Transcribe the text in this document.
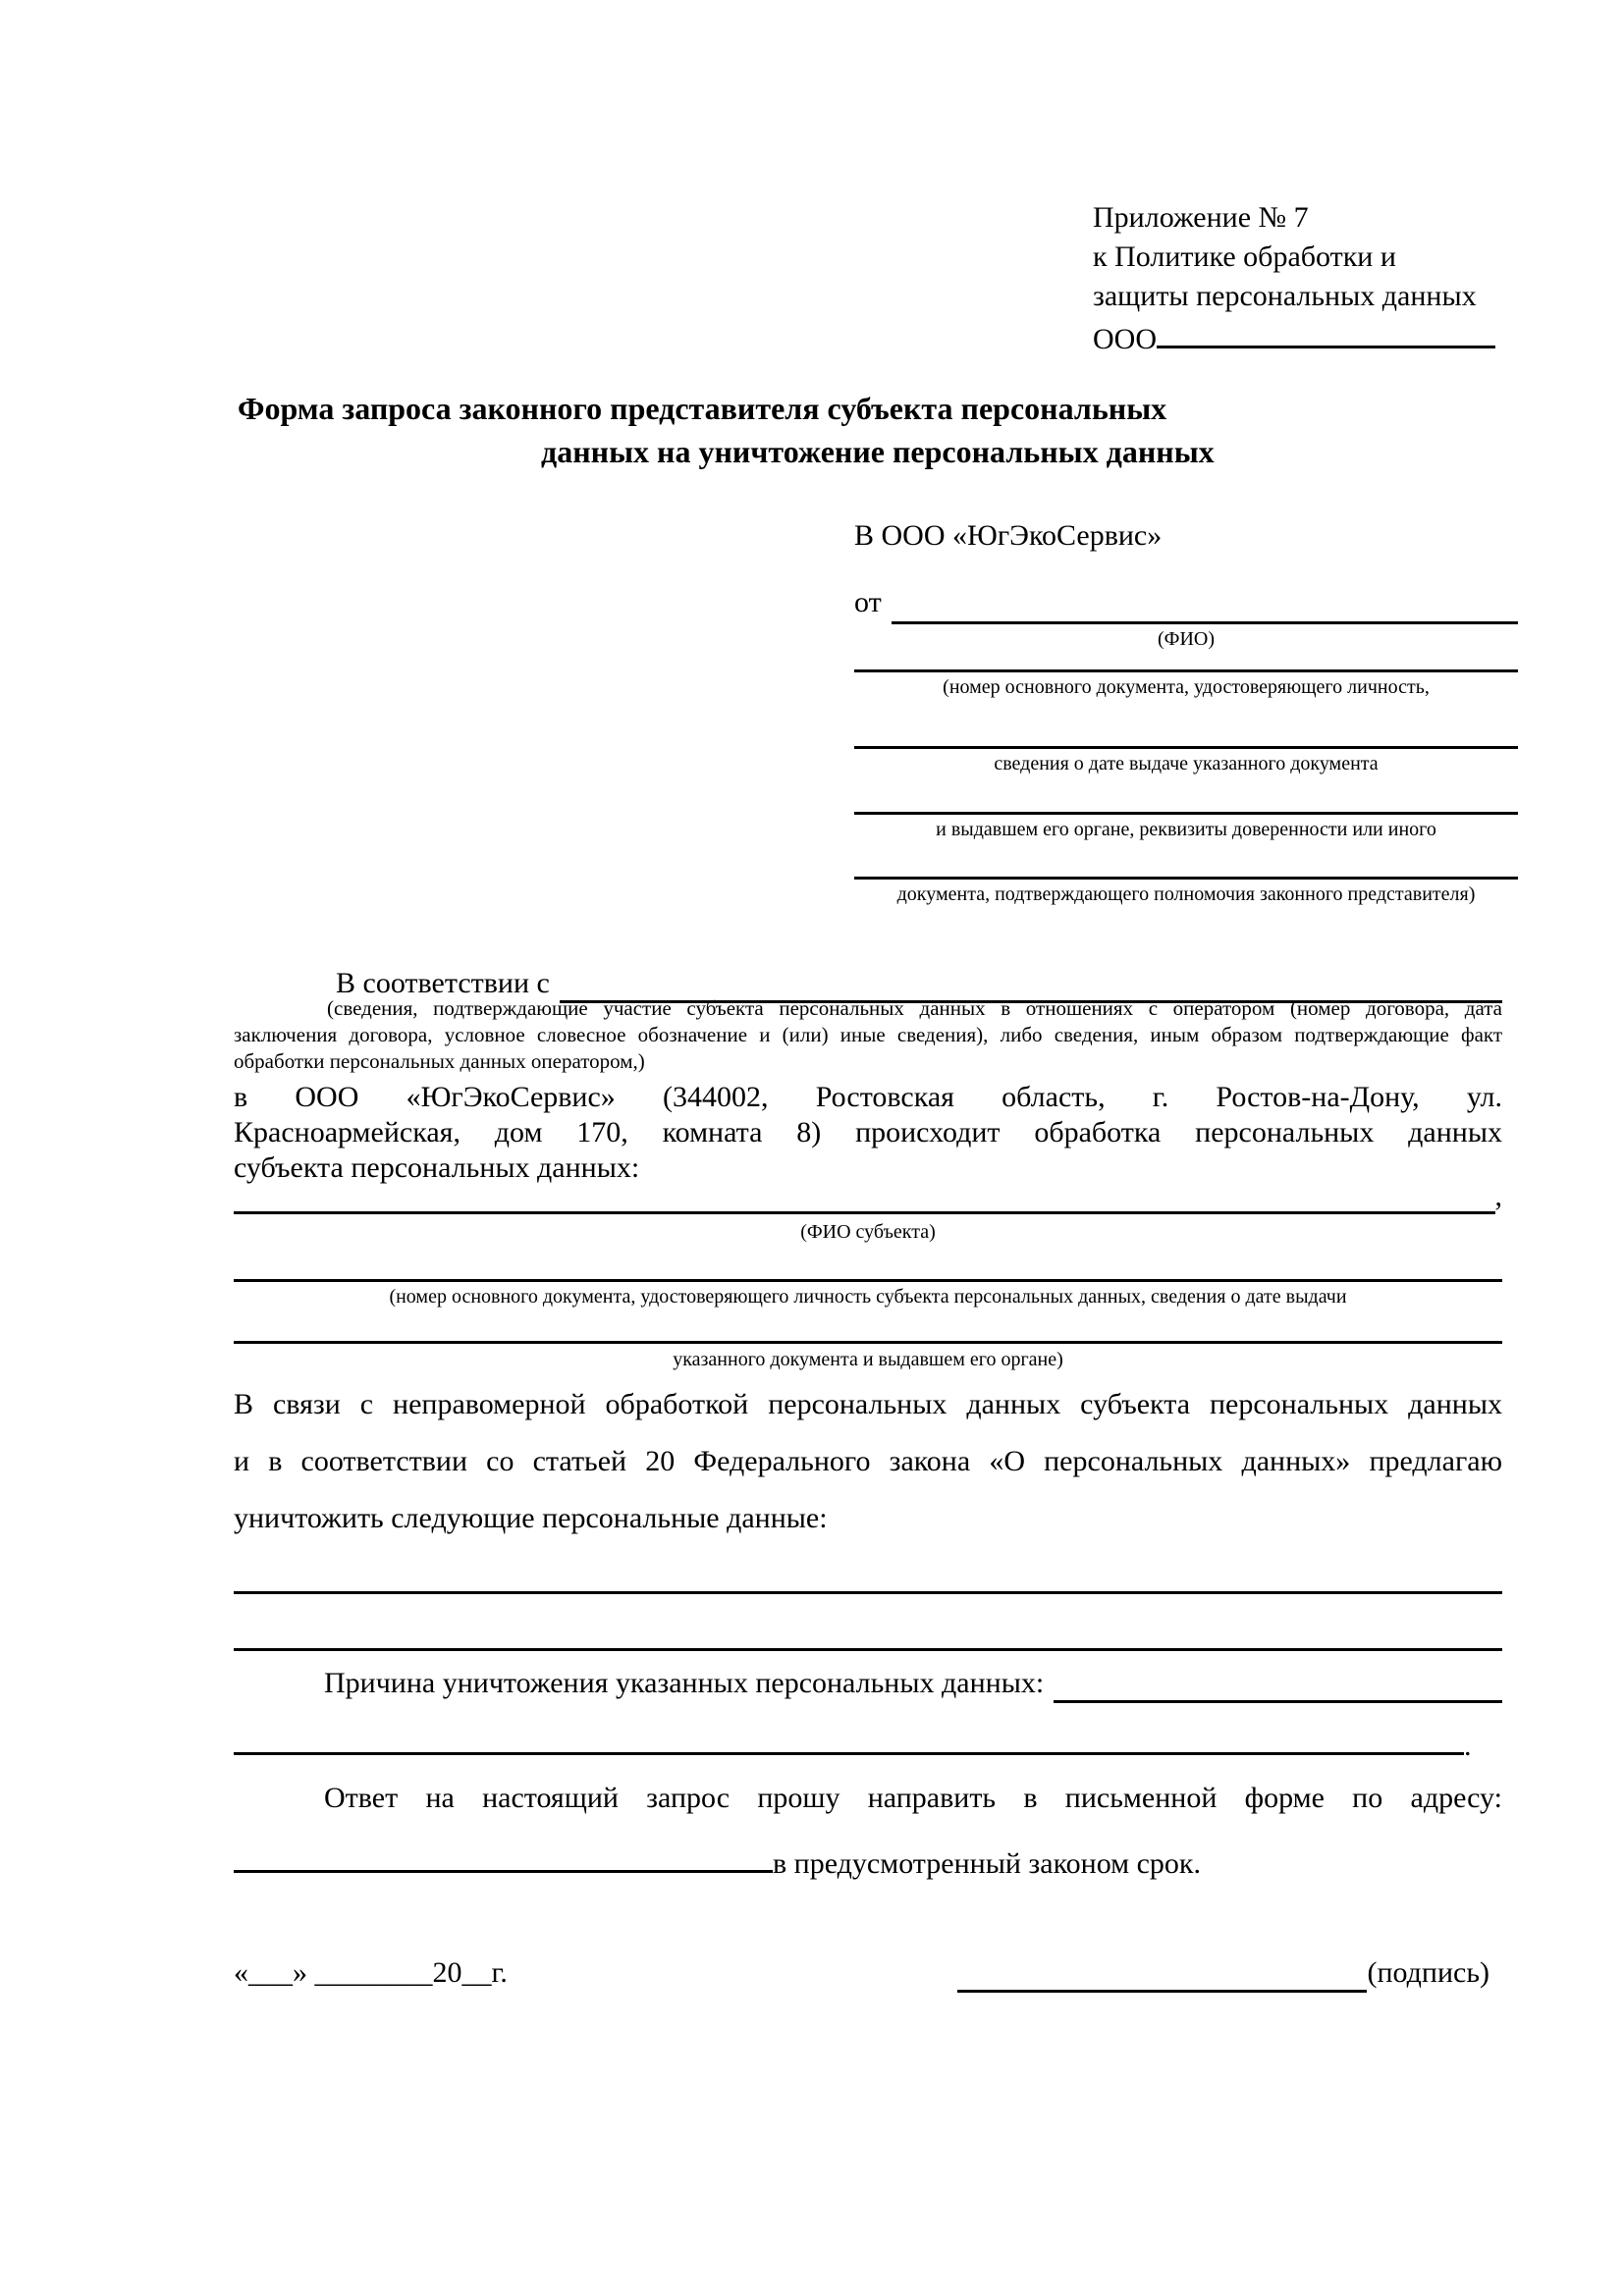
Приложение № 7
к Политике обработки и
защиты персональных данных
ООО
Форма запроса законного представителя субъекта персональных
данных на уничтожение персональных данных
В ООО «ЮгЭкоСервис»
от
(ФИО)
(номер основного документа, удостоверяющего личность,
сведения о дате выдаче указанного документа
и выдавшем его органе, реквизиты доверенности или иного
документа, подтверждающего полномочия законного представителя)
В соответствии с
(сведения, подтверждающие участие субъекта персональных данных в отношениях с оператором (номер договора, дата
заключения договора, условное словесное обозначение и (или) иные сведения), либо сведения, иным образом подтверждающие факт
обработки персональных данных оператором,)
в ООО «ЮгЭкоСервис» (344002, Ростовская область, г. Ростов-на-Дону, ул.
Красноармейская, дом 170, комната 8) происходит обработка персональных данных
субъекта персональных данных:
,
(ФИО субъекта)
(номер основного документа, удостоверяющего личность субъекта персональных данных, сведения о дате выдачи
указанного документа и выдавшем его органе)
В связи с неправомерной обработкой персональных данных субъекта персональных данных
и в соответствии со статьей 20 Федерального закона «О персональных данных» предлагаю
уничтожить следующие персональные данные:
Причина уничтожения указанных персональных данных:
.
Ответ на настоящий запрос прошу направить в письменной форме по адресу:
в предусмотренный законом срок.
«___» ________20__г.	(подпись)
